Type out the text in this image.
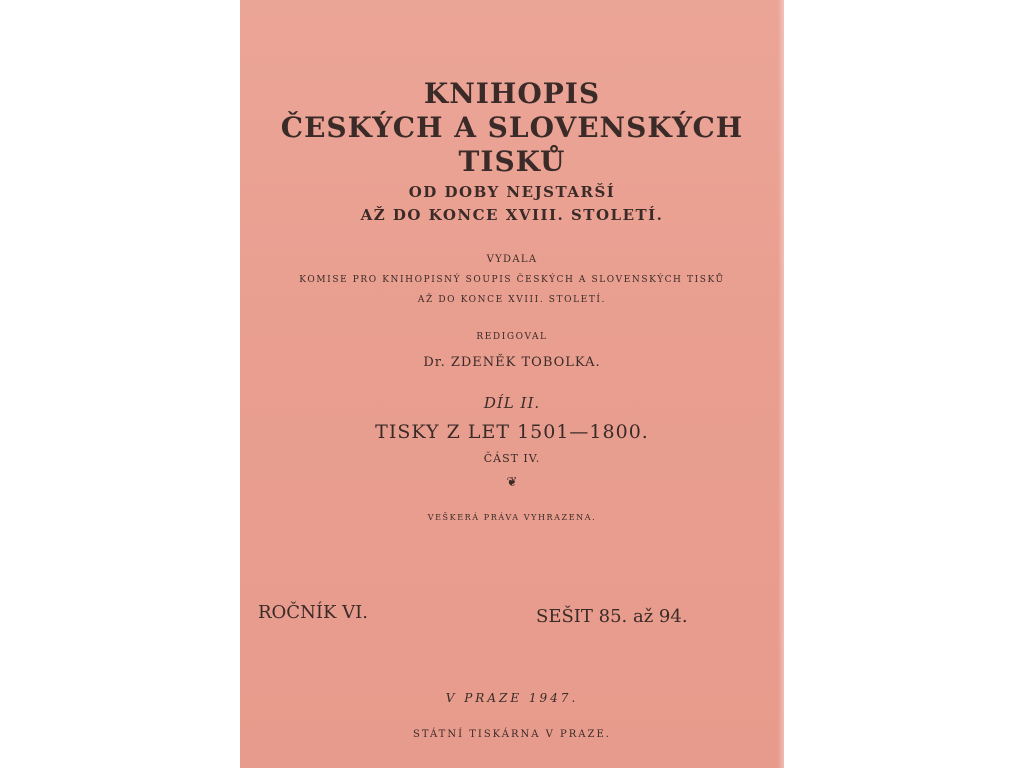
KNIHOPIS
ČESKÝCH A SLOVENSKÝCH
TISKŮ
OD DOBY NEJSTARŠÍ
AŽ DO KONCE XVIII. STOLETÍ.
VYDALA
KOMISE PRO KNIHOPISNÝ SOUPIS ČESKÝCH A SLOVENSKÝCH TISKŮ
AŽ DO KONCE XVIII. STOLETÍ.
REDIGOVAL
Dr. ZDENĚK TOBOLKA.
DÍL II.
TISKY Z LET 1501—1800.
ČÁST IV.
❦
VEŠKERÁ PRÁVA VYHRAZENA.
ROČNÍK VI.	SEŠIT 85. až 94.
V PRAZE 1947.
STÁTNÍ TISKÁRNA V PRAZE.
